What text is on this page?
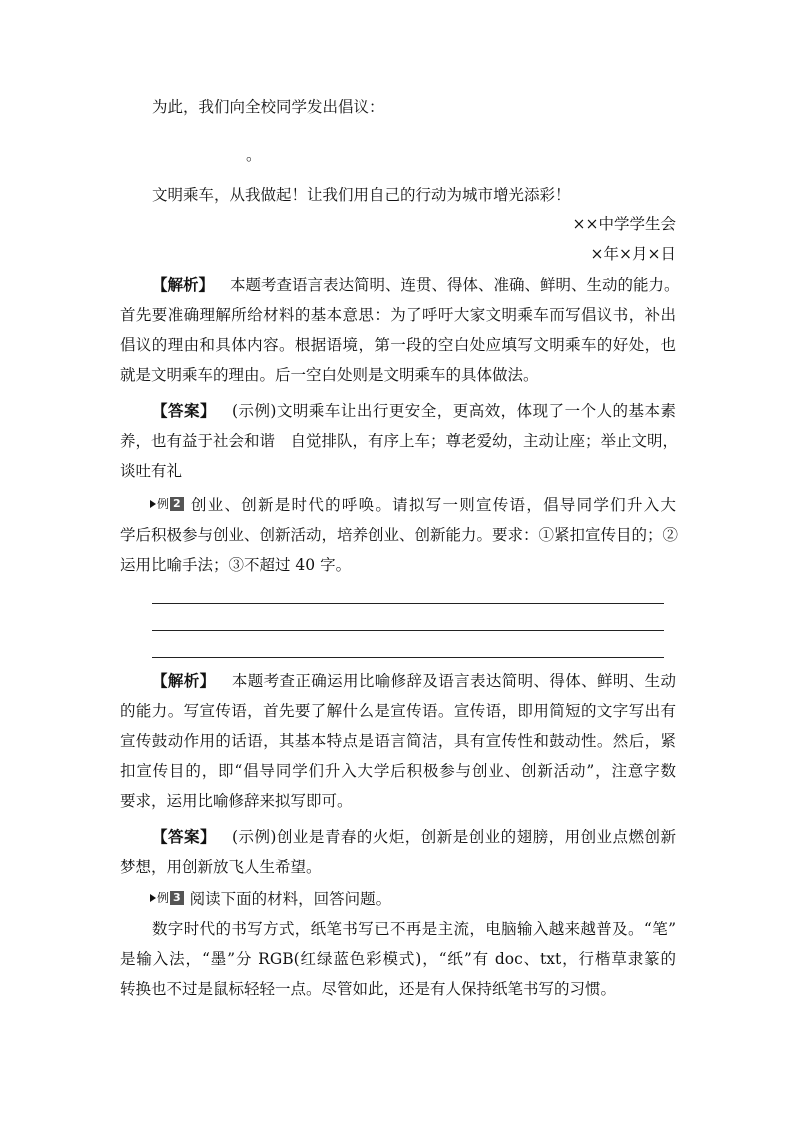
为此，我们向全校同学发出倡议：
。
文明乘车，从我做起！让我们用自己的行动为城市增光添彩！
××中学学生会
×年×月×日
【解析】 本题考查语言表达简明、连贯、得体、准确、鲜明、生动的能力。
首先要准确理解所给材料的基本意思：为了呼吁大家文明乘车而写倡议书，补出
倡议的理由和具体内容。根据语境，第一段的空白处应填写文明乘车的好处，也
就是文明乘车的理由。后一空白处则是文明乘车的具体做法。
【答案】 (示例)文明乘车让出行更安全，更高效，体现了一个人的基本素
养，也有益于社会和谐　自觉排队，有序上车；尊老爱幼，主动让座；举止文明，
谈吐有礼
例 2 创业、创新是时代的呼唤。请拟写一则宣传语，倡导同学们升入大
学后积极参与创业、创新活动，培养创业、创新能力。要求：①紧扣宣传目的；②
运用比喻手法；③不超过 40 字。
【解析】 本题考查正确运用比喻修辞及语言表达简明、得体、鲜明、生动
的能力。写宣传语，首先要了解什么是宣传语。宣传语，即用简短的文字写出有
宣传鼓动作用的话语，其基本特点是语言简洁，具有宣传性和鼓动性。然后，紧
扣宣传目的，即“倡导同学们升入大学后积极参与创业、创新活动”，注意字数
要求，运用比喻修辞来拟写即可。
【答案】 (示例)创业是青春的火炬，创新是创业的翅膀，用创业点燃创新
梦想，用创新放飞人生希望。
例 3 阅读下面的材料，回答问题。
数字时代的书写方式，纸笔书写已不再是主流，电脑输入越来越普及。“笔”
是输入法，“墨”分 RGB(红绿蓝色彩模式)，“纸”有 doc、txt，行楷草隶篆的
转换也不过是鼠标轻轻一点。尽管如此，还是有人保持纸笔书写的习惯。
